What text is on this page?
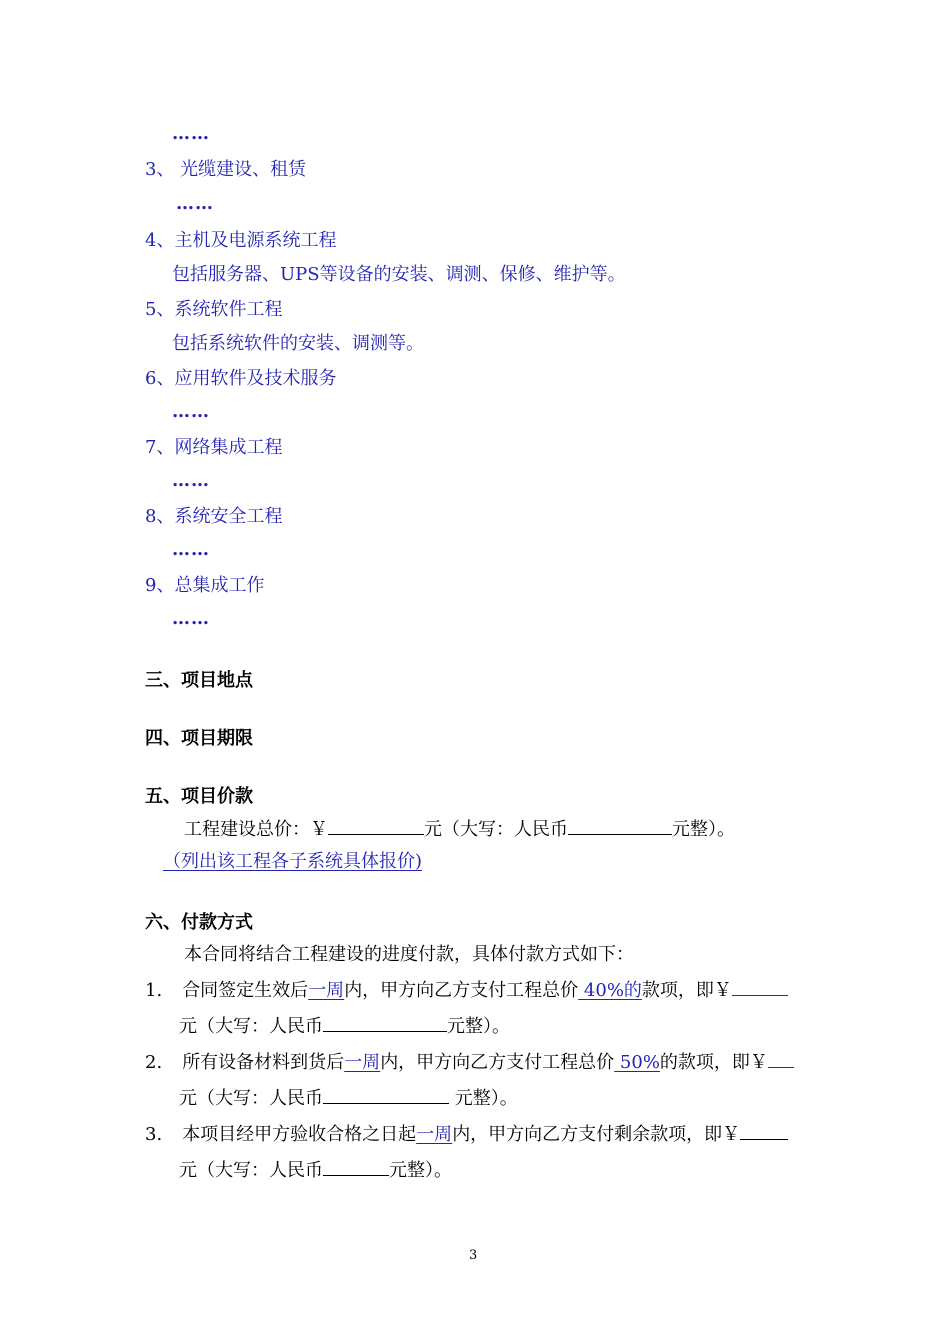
……
3、 光缆建设、租赁
……
4、主机及电源系统工程
包括服务器、UPS等设备的安装、调测、保修、维护等。
5、系统软件工程
包括系统软件的安装、调测等。
6、应用软件及技术服务
……
7、网络集成工程
……
8、系统安全工程
……
9、总集成工作
……
三、项目地点
四、项目期限
五、项目价款
工程建设总价：￥	元（大写：人民币	元整）。
（列出该工程各子系统具体报价)
六、付款方式
本合同将结合工程建设的进度付款，具体付款方式如下：
1. 合同签定生效后一周内，甲方向乙方支付工程总价 40%的款项，即￥
元（大写：人民币	元整）。
2. 所有设备材料到货后一周内，甲方向乙方支付工程总价 50%的款项，即￥
元（大写：人民币	元整）。
3. 本项目经甲方验收合格之日起一周内，甲方向乙方支付剩余款项，即￥
元（大写：人民币	元整）。
3
